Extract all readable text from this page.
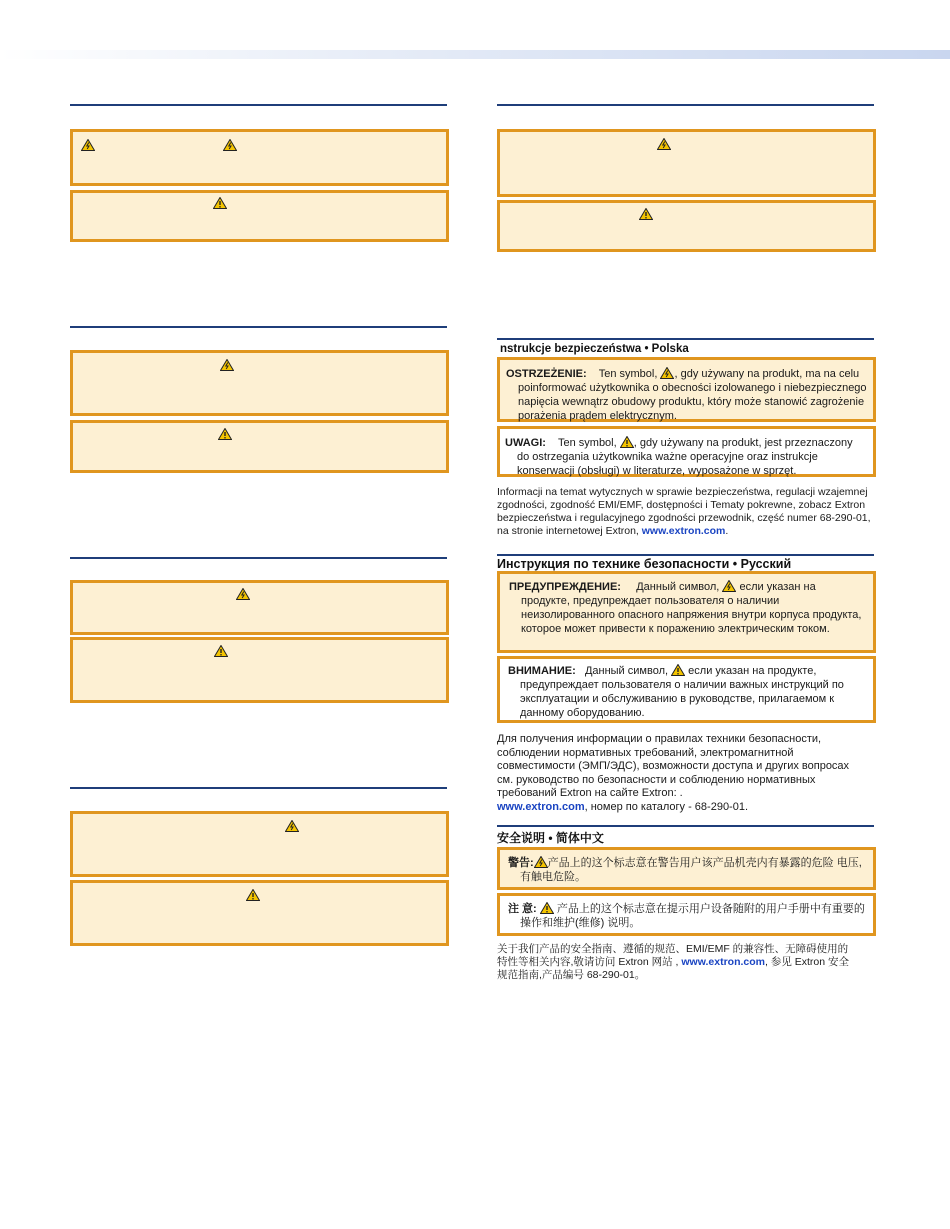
nstrukcje bezpieczeństwa • Polska
OSTRZEŻENIE: Ten symbol, , gdy używany na produkt, ma na celu poinformować użytkownika o obecności izolowanego i niebezpiecznego napięcia wewnątrz obudowy produktu, który może stanowić zagrożenie porażenia prądem elektrycznym.
UWAGI: Ten symbol, , gdy używany na produkt, jest przeznaczony do ostrzegania użytkownika ważne operacyjne oraz instrukcje konserwacji (obsługi) w literaturze, wyposażone w sprzęt.
Informacji na temat wytycznych w sprawie bezpieczeństwa, regulacji wzajemnej zgodności, zgodność EMI/EMF, dostępności i Tematy pokrewne, zobacz Extron bezpieczeństwa i regulacyjnego zgodności przewodnik, część numer 68-290-01, na stronie internetowej Extron, www.extron.com.
Инструкция по технике безопасности • Русский
ПРЕДУПРЕЖДЕНИЕ: Данный символ, если указан на продукте, предупреждает пользователя о наличии неизолированного опасного напряжения внутри корпуса продукта, которое может привести к поражению электрическим током.
ВНИМАНИЕ: Данный символ, если указан на продукте, предупреждает пользователя о наличии важных инструкций по эксплуатации и обслуживанию в руководстве, прилагаемом к данному оборудованию.
Для получения информации о правилах техники безопасности, соблюдении нормативных требований, электромагнитной совместимости (ЭМП/ЭДС), возможности доступа и других вопросах см. руководство по безопасности и соблюдению нормативных требований Extron на сайте Extron: .
www.extron.com, номер по каталогу - 68-290-01.
安全说明 • 简体中文
警告: 产品上的这个标志意在警告用户该产品机壳内有暴露的危险 电压,有触电危险。
注 意: 产品上的这个标志意在提示用户设备随附的用户手册中有重要的操作和维护(维修) 说明。
关于我们产品的安全指南、遵循的规范、EMI/EMF 的兼容性、无障碍使用的特性等相关内容,敬请访问 Extron 网站 , www.extron.com, 参见 Extron 安全规范指南,产品编号 68-290-01。
